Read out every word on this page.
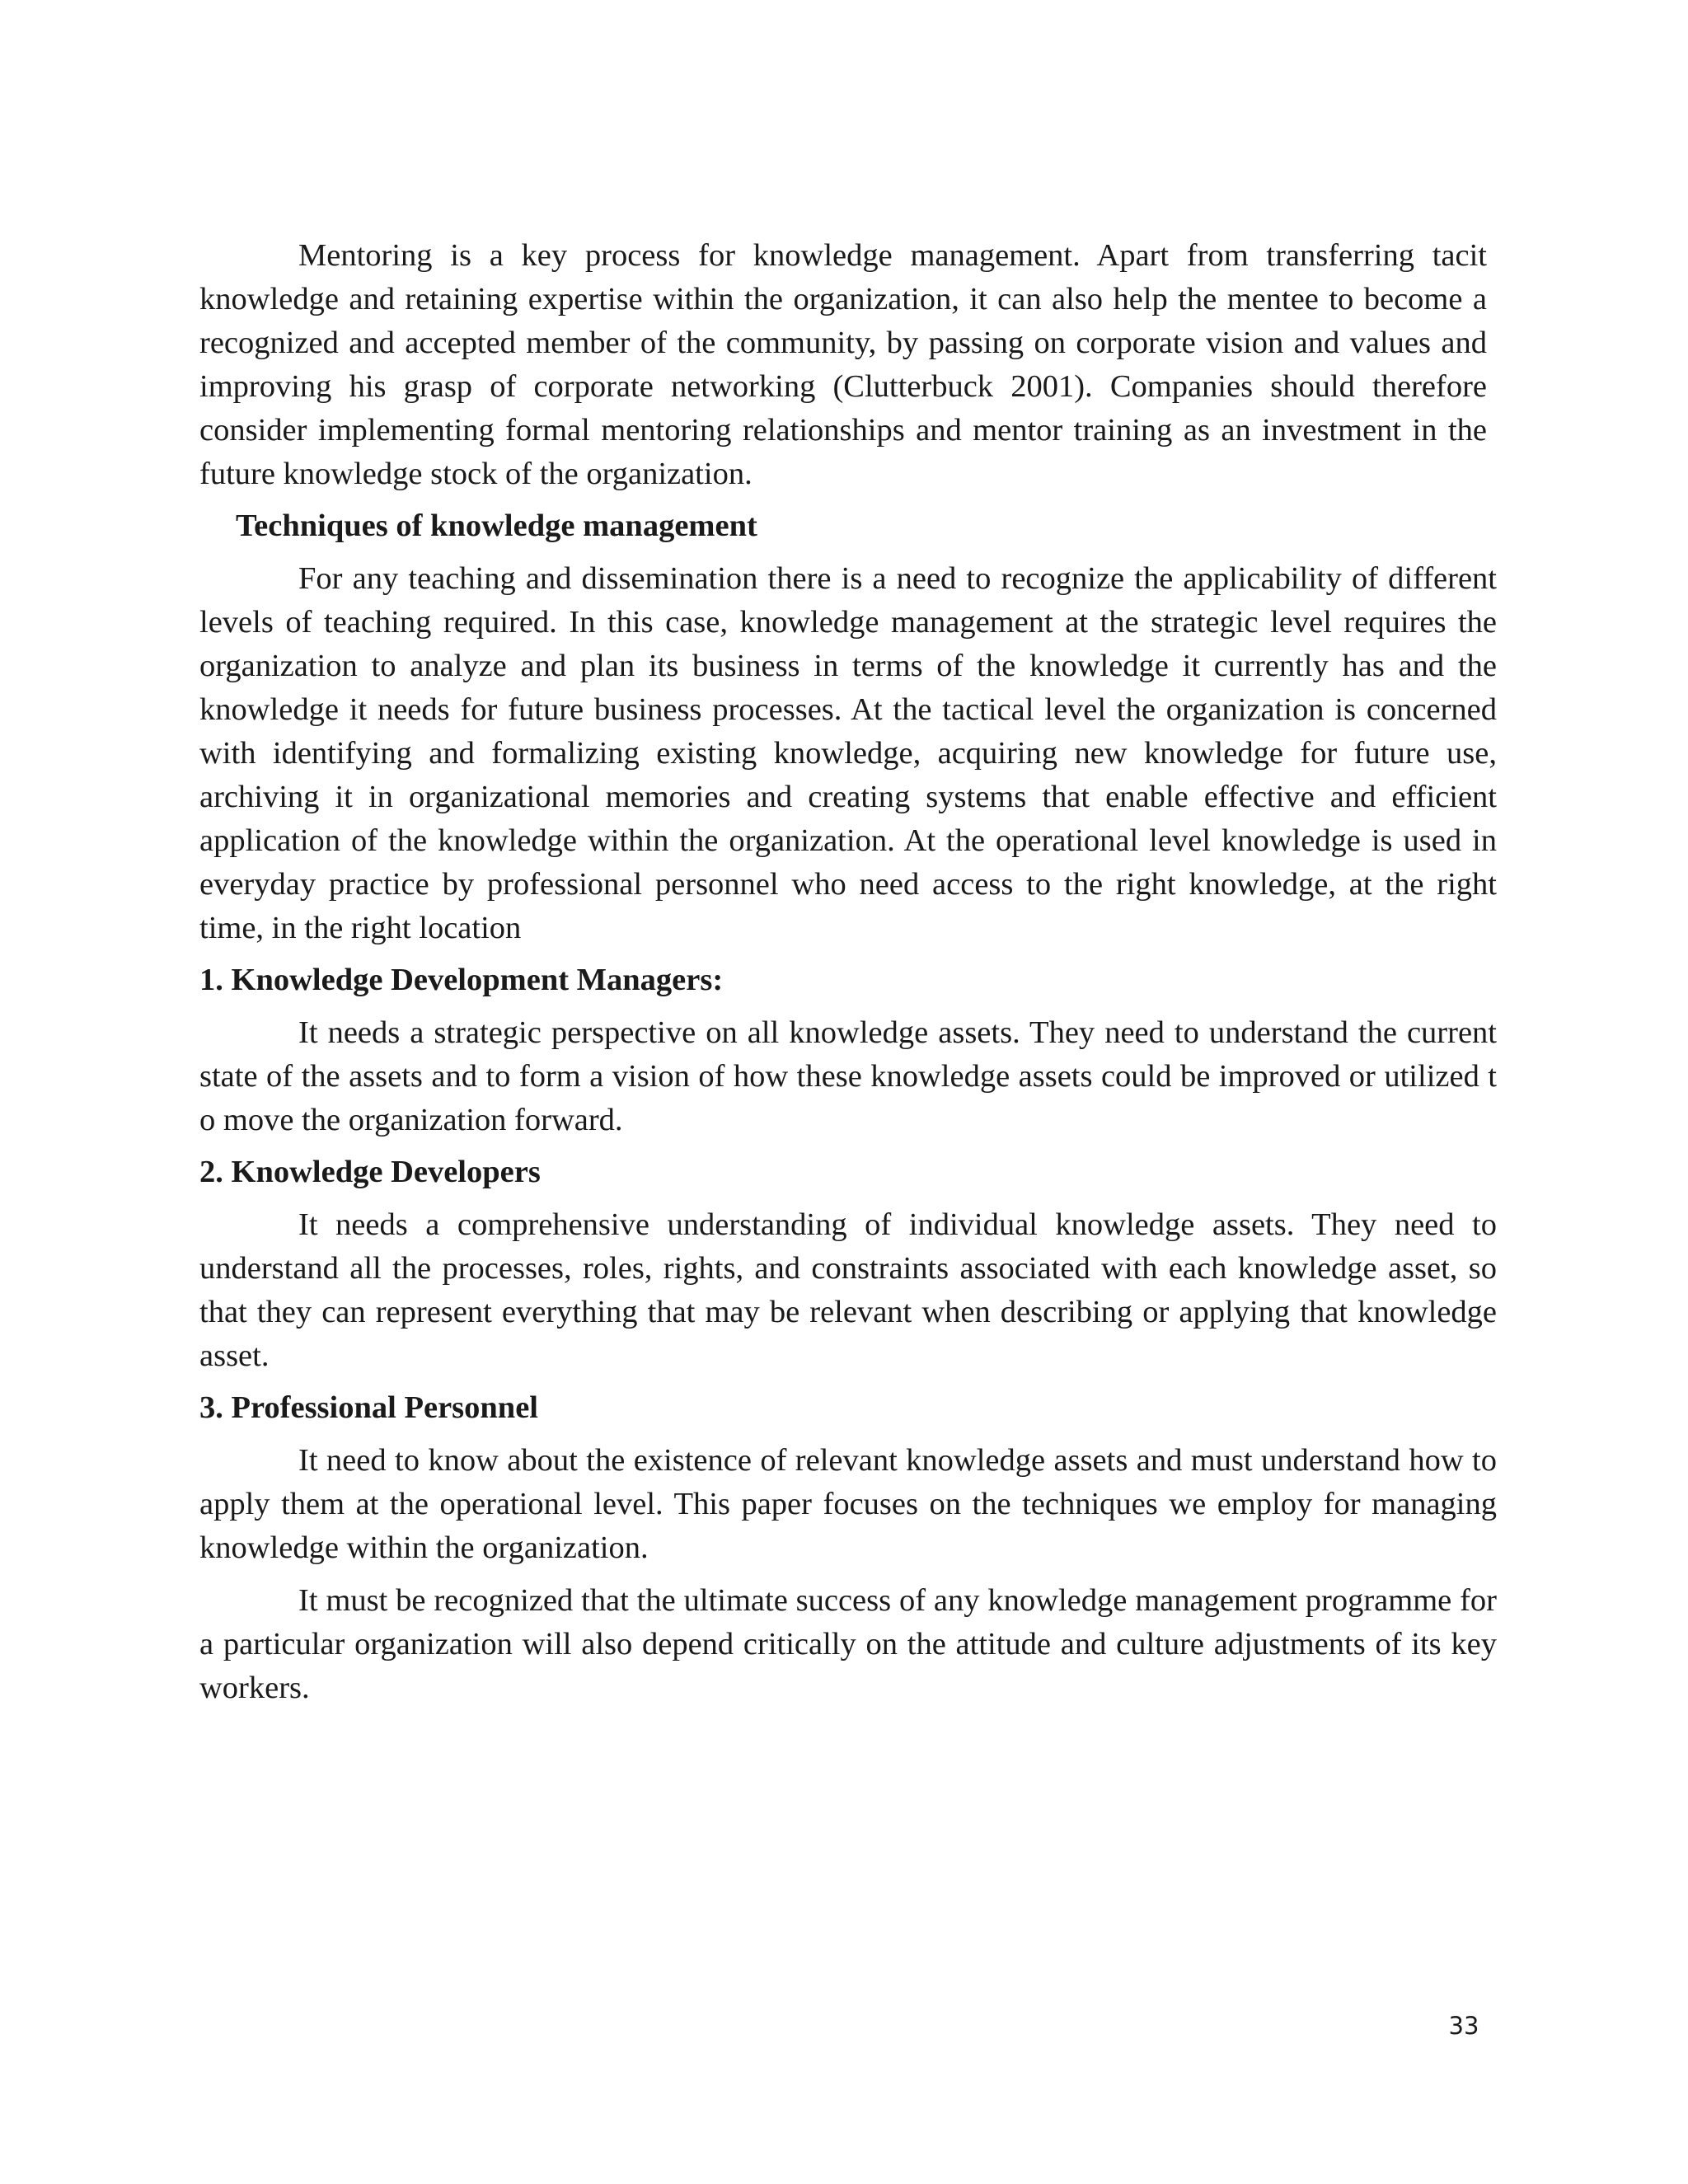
Mentoring is a key process for knowledge management. Apart from transferring tacit knowledge and retaining expertise within the organization, it can also help the mentee to become a recognized and accepted member of the community, by passing on corporate vision and values and improving his grasp of corporate networking (Clutterbuck 2001). Companies should therefore consider implementing formal mentoring relationships and mentor training as an investment in the future knowledge stock of the organization.

Techniques of knowledge management

For any teaching and dissemination there is a need to recognize the applicability of different levels of teaching required. In this case, knowledge management at the strategic level requires the organization to analyze and plan its business in terms of the knowledge it currently has and the knowledge it needs for future business processes. At the tactical level the organization is concerned with identifying and formalizing existing knowledge, acquiring new knowledge for future use, archiving it in organizational memories and creating systems that enable effective and efficient application of the knowledge within the organization. At the operational level knowledge is used in everyday practice by professional personnel who need access to the right knowledge, at the right time, in the right location

1. Knowledge Development Managers:

It needs a strategic perspective on all knowledge assets. They need to understand the current state of the assets and to form a vision of how these knowledge assets could be improved or utilized t o move the organization forward.

2. Knowledge Developers

It needs a comprehensive understanding of individual knowledge assets. They need to understand all the processes, roles, rights, and constraints associated with each knowledge asset, so that they can represent everything that may be relevant when describing or applying that knowledge asset.

3. Professional Personnel

It need to know about the existence of relevant knowledge assets and must understand how to apply them at the operational level. This paper focuses on the techniques we employ for managing knowledge within the organization.

It must be recognized that the ultimate success of any knowledge management programme for a particular organization will also depend critically on the attitude and culture adjustments of its key workers.

33
